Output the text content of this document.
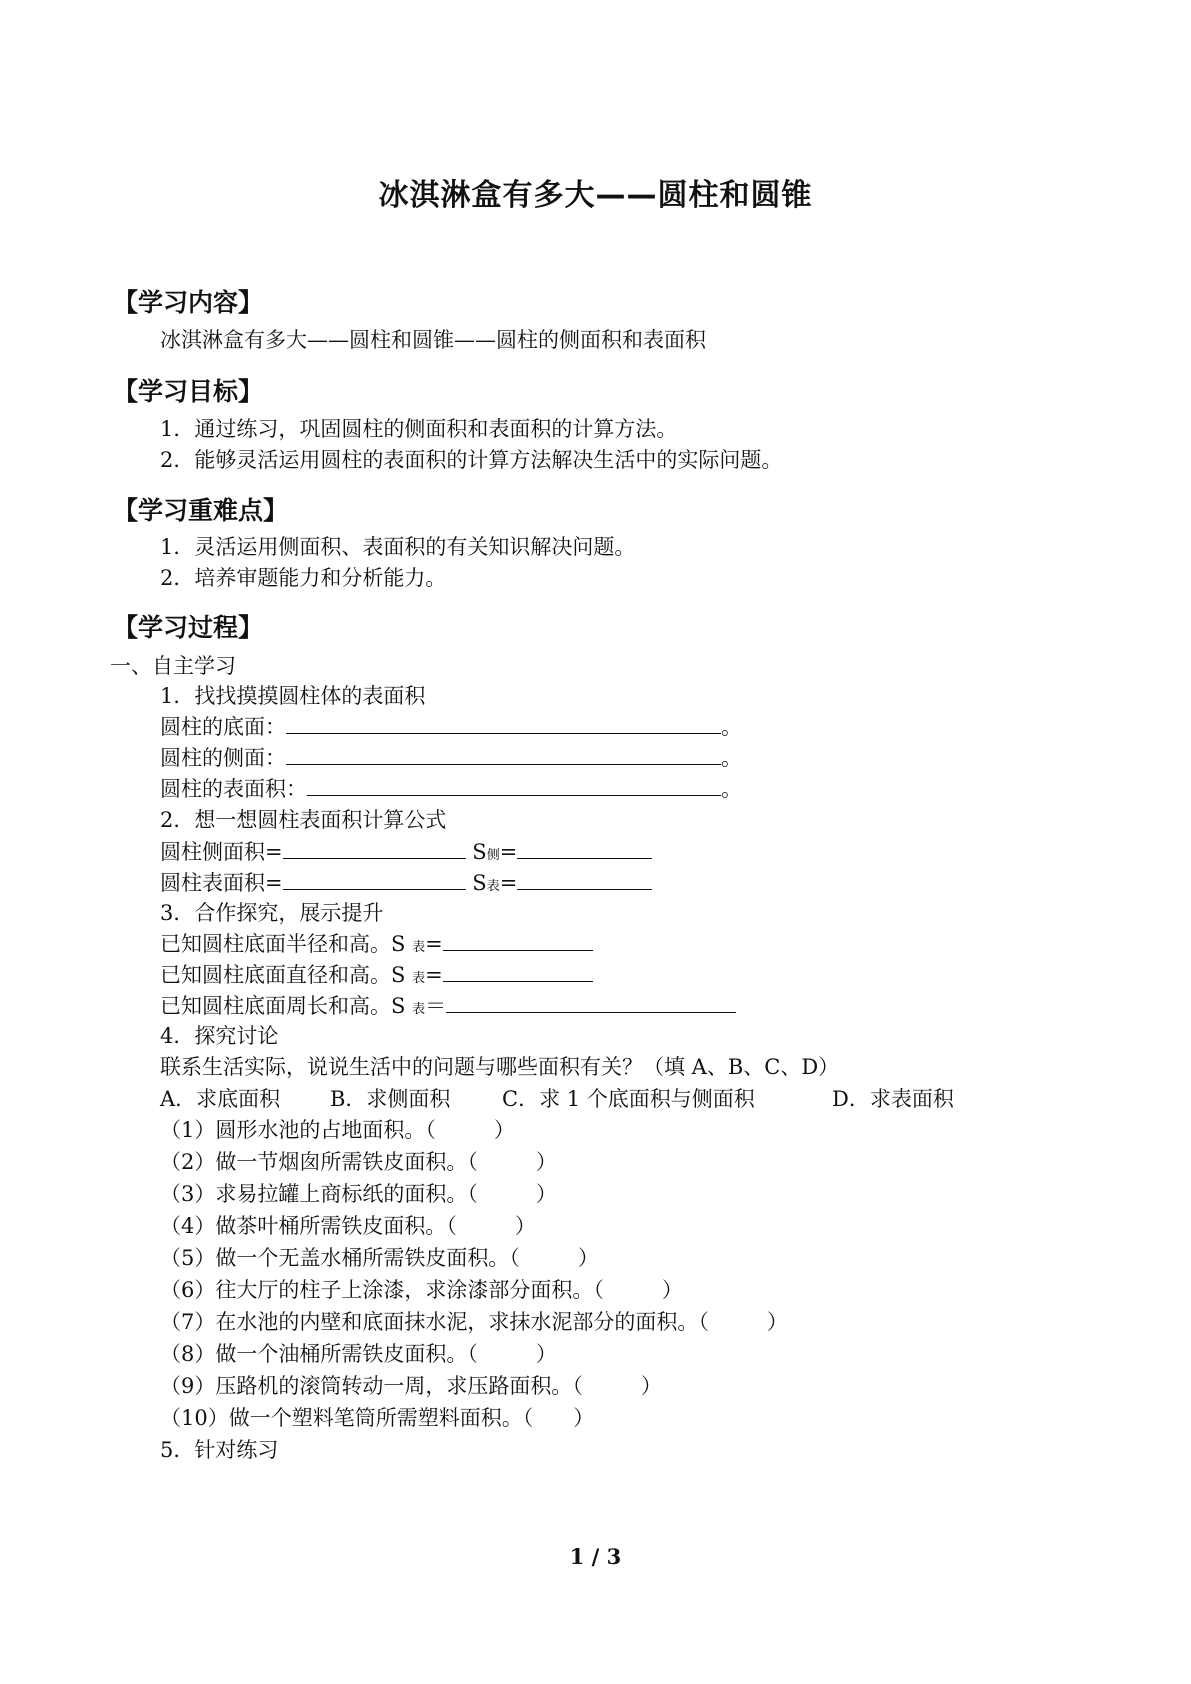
冰淇淋盒有多大——圆柱和圆锥
【学习内容】
冰淇淋盒有多大——圆柱和圆锥——圆柱的侧面积和表面积
【学习目标】
1．通过练习，巩固圆柱的侧面积和表面积的计算方法。
2．能够灵活运用圆柱的表面积的计算方法解决生活中的实际问题。
【学习重难点】
1．灵活运用侧面积、表面积的有关知识解决问题。
2．培养审题能力和分析能力。
【学习过程】
一、自主学习
1．找找摸摸圆柱体的表面积
圆柱的底面：	。
圆柱的侧面：	。
圆柱的表面积：	。
2．想一想圆柱表面积计算公式
圆柱侧面积=	S侧=
圆柱表面积=	S表=
3．合作探究，展示提升
已知圆柱底面半径和高。S 表=
已知圆柱底面直径和高。S 表=
已知圆柱底面周长和高。S 表＝
4．探究讨论
联系生活实际，说说生活中的问题与哪些面积有关？（填 A、B、C、D）
A．求底面积 B．求侧面积 C．求 1 个底面积与侧面积	D．求表面积
（1）圆形水池的占地面积。（	）
（2）做一节烟囱所需铁皮面积。（	）
（3）求易拉罐上商标纸的面积。（	）
（4）做茶叶桶所需铁皮面积。（	）
（5）做一个无盖水桶所需铁皮面积。（	）
（6）往大厅的柱子上涂漆，求涂漆部分面积。（	）
（7）在水池的内壁和底面抹水泥，求抹水泥部分的面积。（	）
（8）做一个油桶所需铁皮面积。（	）
（9）压路机的滚筒转动一周，求压路面积。（	）
（10）做一个塑料笔筒所需塑料面积。（ ）
5．针对练习
1 / 3
